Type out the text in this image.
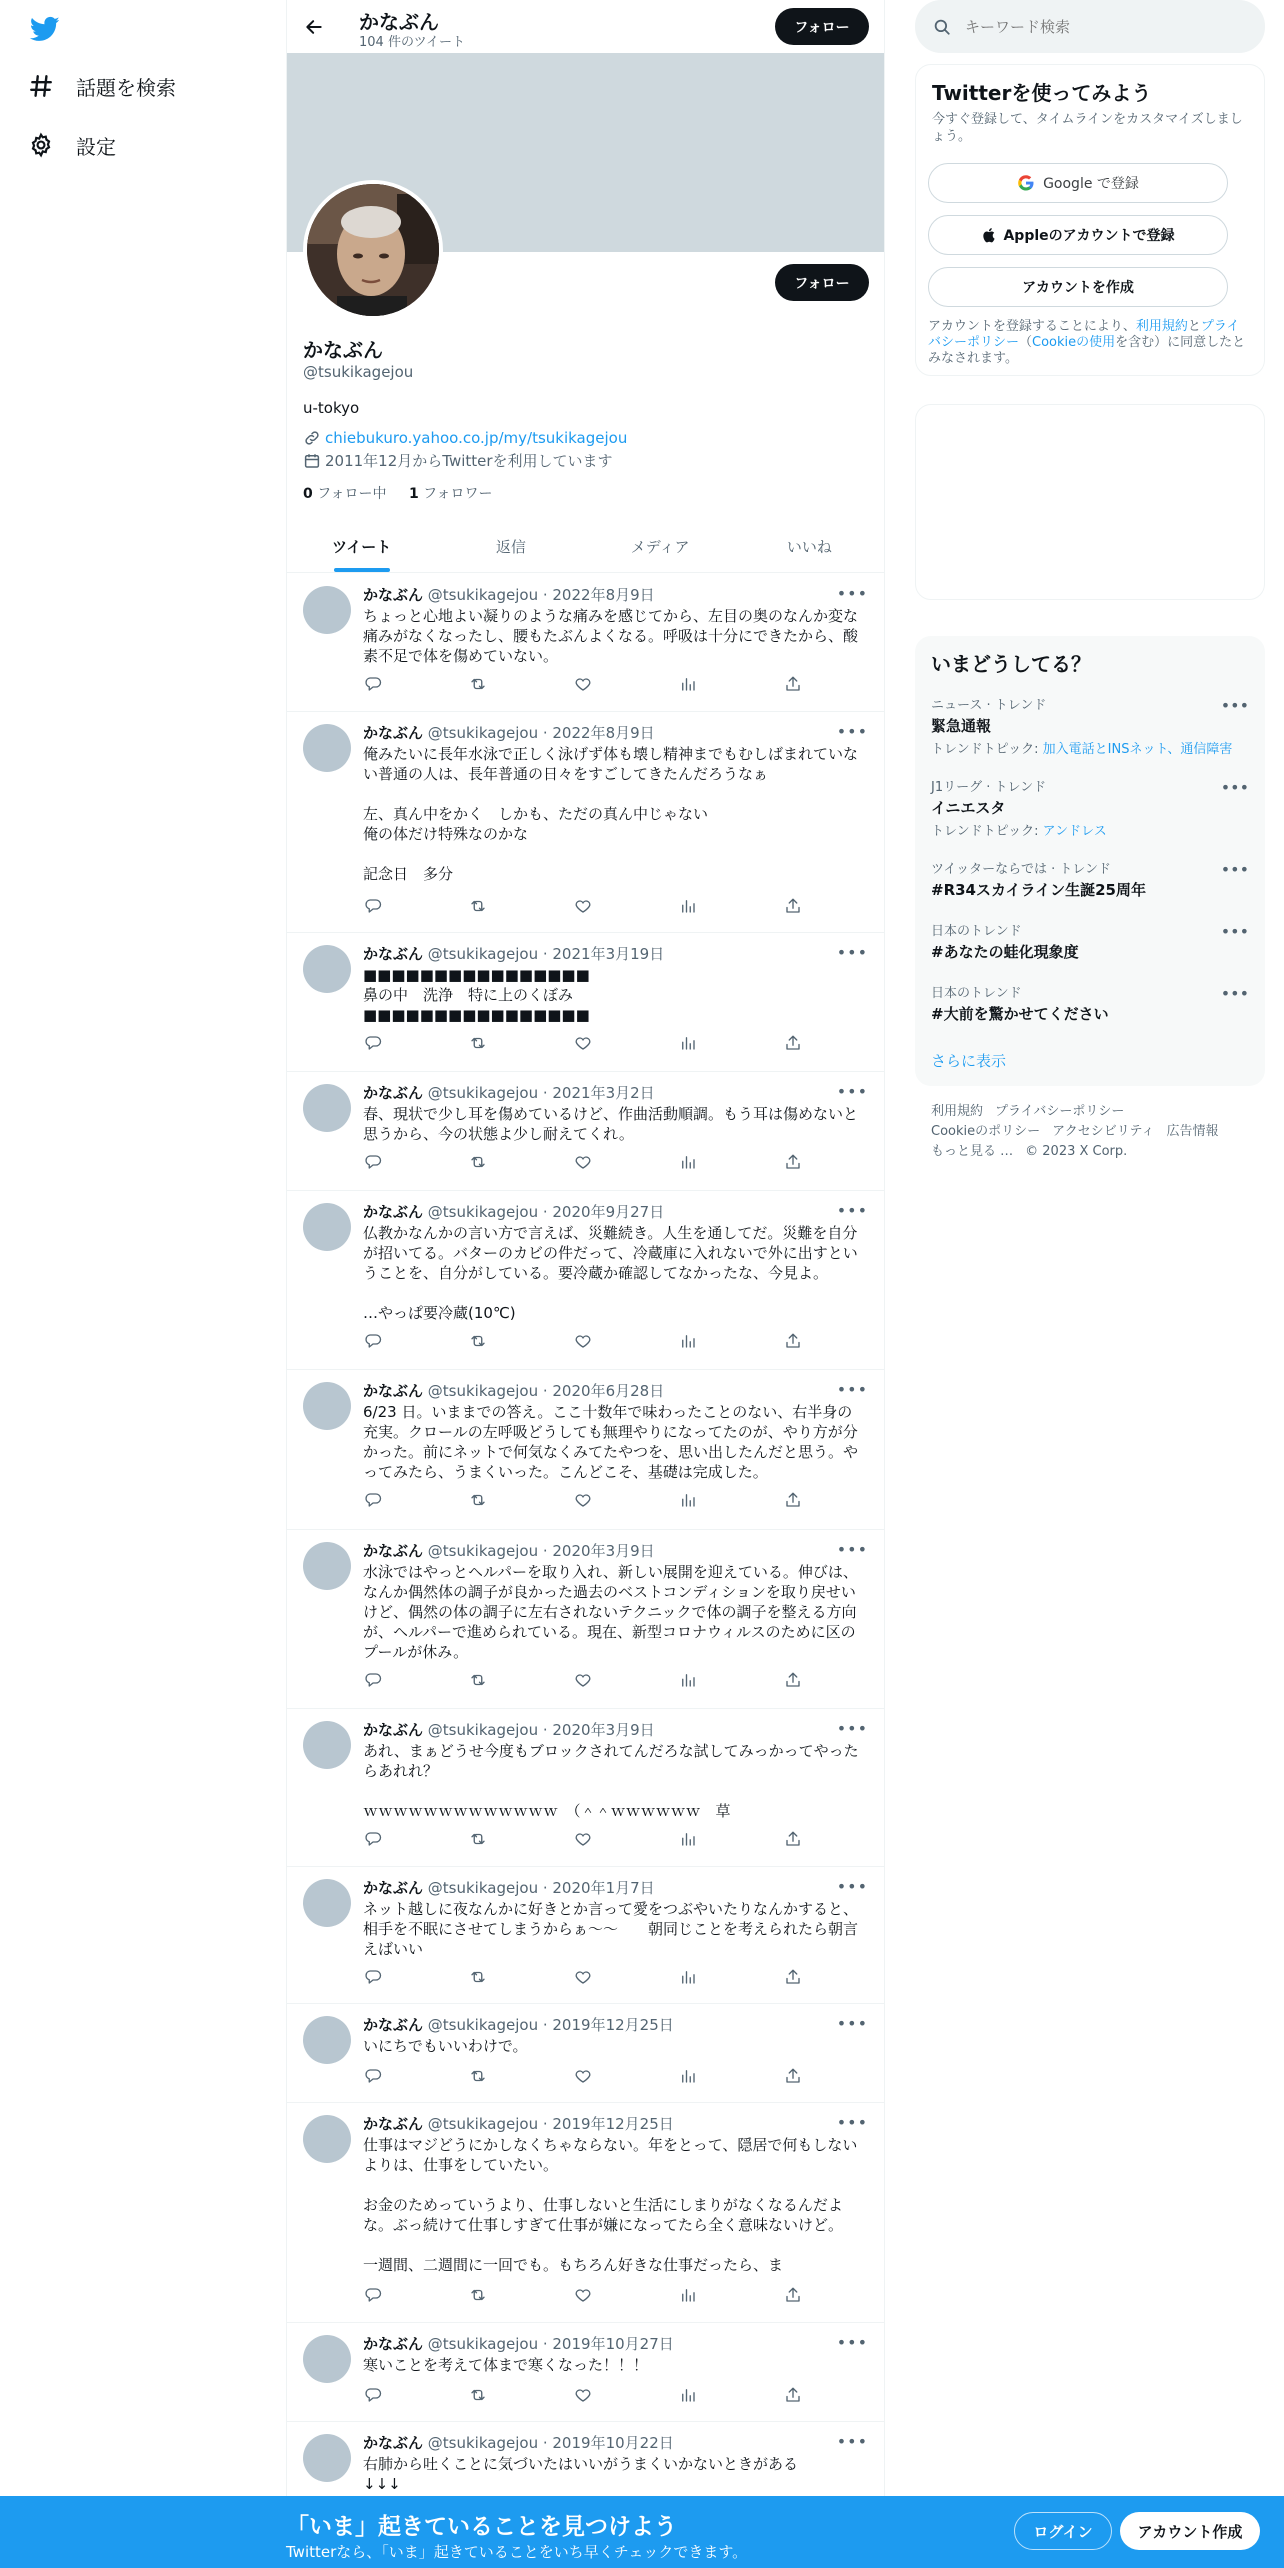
話題を検索
設定
かなぶん
104 件のツイート
フォロー
フォロー
かなぶん
@tsukikagejou
u-tokyo
chiebukuro.yahoo.co.jp/my/tsukikagejou
2011年12月からTwitterを利用しています
0 フォロー中 1 フォロワー
ツイート	返信	メディア	いいね
かなぶん @tsukikagejou · 2022年8月9日	•••
ちょっと心地よい凝りのような痛みを感じてから、左目の奥のなんか変な痛みがなくなったし、腰もたぶんよくなる。呼吸は十分にできたから、酸素不足で体を傷めていない。
かなぶん @tsukikagejou · 2022年8月9日	•••
俺みたいに長年水泳で正しく泳げず体も壊し精神までもむしばまれていない普通の人は、長年普通の日々をすごしてきたんだろうなぁ

左、真ん中をかく　しかも、ただの真ん中じゃない
俺の体だけ特殊なのかな

記念日　多分
かなぶん @tsukikagejou · 2021年3月19日	•••
■■■■■■■■■■■■■■■■
鼻の中　洗浄　特に上のくぼみ
■■■■■■■■■■■■■■■■
かなぶん @tsukikagejou · 2021年3月2日	•••
春、現状で少し耳を傷めているけど、作曲活動順調。もう耳は傷めないと思うから、今の状態よ少し耐えてくれ。
かなぶん @tsukikagejou · 2020年9月27日	•••
仏教かなんかの言い方で言えば、災難続き。人生を通してだ。災難を自分が招いてる。バターのカビの件だって、冷蔵庫に入れないで外に出すということを、自分がしている。要冷蔵か確認してなかったな、今見よ。

…やっぱ要冷蔵(10℃)
かなぶん @tsukikagejou · 2020年6月28日	•••
6/23 日。いままでの答え。ここ十数年で味わったことのない、右半身の充実。クロールの左呼吸どうしても無理やりになってたのが、やり方が分かった。前にネットで何気なくみてたやつを、思い出したんだと思う。やってみたら、うまくいった。こんどこそ、基礎は完成した。
かなぶん @tsukikagejou · 2020年3月9日	•••
水泳ではやっとヘルパーを取り入れ、新しい展開を迎えている。伸びは、なんか偶然体の調子が良かった過去のベストコンディションを取り戻せいけど、偶然の体の調子に左右されないテクニックで体の調子を整える方向が、ヘルパーで進められている。現在、新型コロナウィルスのために区のプールが休み。
かなぶん @tsukikagejou · 2020年3月9日	•••
あれ、まぁどうせ今度もブロックされてんだろな試してみっかってやったらあれれ？

ｗｗｗｗｗｗｗｗｗｗｗｗｗ　（＾＾ｗｗｗｗｗｗ　草
かなぶん @tsukikagejou · 2020年1月7日	•••
ネット越しに夜なんかに好きとか言って愛をつぶやいたりなんかすると、相手を不眠にさせてしまうからぁ～～　　朝同じことを考えられたら朝言えばいい
かなぶん @tsukikagejou · 2019年12月25日	•••
いにちでもいいわけで。
かなぶん @tsukikagejou · 2019年12月25日	•••
仕事はマジどうにかしなくちゃならない。年をとって、隠居で何もしないよりは、仕事をしていたい。

お金のためっていうより、仕事しないと生活にしまりがなくなるんだよな。ぶっ続けて仕事しすぎて仕事が嫌になってたら全く意味ないけど。

一週間、二週間に一回でも。もちろん好きな仕事だったら、ま
かなぶん @tsukikagejou · 2019年10月27日	•••
寒いことを考えて体まで寒くなった！！！
かなぶん @tsukikagejou · 2019年10月22日	•••
右肺から吐くことに気づいたはいいがうまくいかないときがある
↓↓↓
キーワード検索
Twitterを使ってみよう
今すぐ登録して、タイムラインをカスタマイズしましょう。
Google で登録
Appleのアカウントで登録
アカウントを作成
アカウントを登録することにより、利用規約とプライバシーポリシー（Cookieの使用を含む）に同意したとみなされます。
いまどうしてる？
ニュース · トレンド
緊急通報
•••
トレンドトピック: 加入電話とINSネット、通信障害
J1リーグ · トレンド
イニエスタ
•••
トレンドトピック: アンドレス
ツイッターならでは · トレンド
#R34スカイライン生誕25周年
•••
日本のトレンド
#あなたの蛙化現象度
•••
日本のトレンド
#大前を驚かせてください
•••
さらに表示
利用規約 プライバシーポリシー
Cookieのポリシー アクセシビリティ 広告情報
もっと見る … © 2023 X Corp.
「いま」起きていることを見つけよう
Twitterなら、「いま」起きていることをいち早くチェックできます。
ログイン	アカウント作成
